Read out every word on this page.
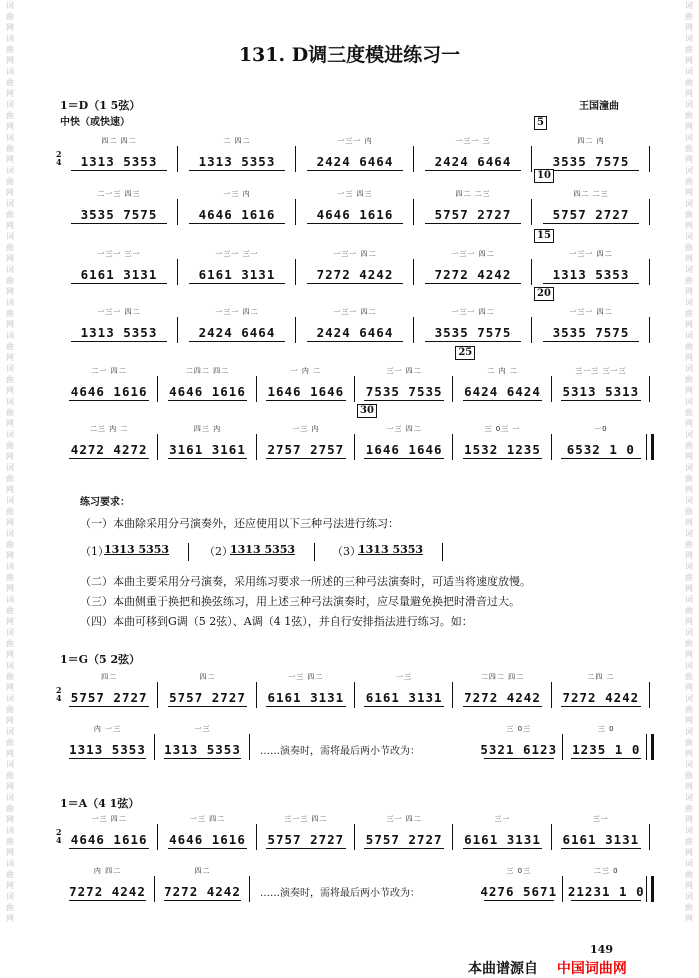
词
曲
网
词
曲
网
词
曲
网
词
曲
网
词
曲
网
词
曲
网
词
曲
网
词
曲
网
词
曲
网
词
曲
网
词
曲
网
词
曲
网
词
曲
网
词
曲
网
词
曲
网
词
曲
网
词
曲
网
词
曲
网
词
曲
网
词
曲
网
词
曲
网
词
曲
网
词
曲
网
词
曲
网
词
曲
网
词
曲
网
词
曲
网
词
曲
网
词
曲
网
词
曲
网
词
曲
网
词
曲
网
词
曲
网
词
曲
网
词
曲
网
词
曲
网
词
曲
网
词
曲
网
词
曲
网
词
曲
网
词
曲
网
词
曲
网
词
曲
网
词
曲
网
词
曲
网
词
曲
网
词
曲
网
词
曲
网
词
曲
网
词
曲
网
词
曲
网
词
曲
网
词
曲
网
词
曲
网
词
曲
网
词
曲
网
131. D调三度模进练习一
1＝D（1 5弦）	王国潼曲
中快（或快速）
2
4
四二 四二
1313 5353
二 四二
1313 5353
一三一 内
2424 6464
一三一 三
2424 6464
四二 内
3535 7575
5
二一三 四三
3535 7575
一三 内
4646 1616
一三 四三
4646 1616
四二 二三
5757 2727
四二 二三
5757 2727
10
一三一 三一
6161 3131
一三一 三一
6161 3131
一三一 四二
7272 4242
一三一 四二
7272 4242
一三一 四二
1313 5353
15
一三一 四二
1313 5353
一三一 四二
2424 6464
一三一 四二
2424 6464
一三一 四二
3535 7575
一三一 四二
3535 7575
20
二一 四二
4646 1616
二四二 四二
4646 1616
一 内 二
1646 1646
三一 四二
7535 7535
二 内 二
6424 6424
三一三 三一三
5313 5313
25
二三 内 二
4272 4272
四三 内
3161 3161
一三 内
2757 2757
一三 四二
1646 1646
三 0三 一
1532 1235
一0
6532 1 0
30
练习要求：
（一）本曲除采用分弓演奏外，还应使用以下三种弓法进行练习：
（1）
1313 5353	（2）
1313 5353	（3）
1313 5353
（二）本曲主要采用分弓演奏，采用练习要求一所述的三种弓法演奏时，可适当将速度放慢。
（三）本曲侧重于换把和换弦练习，用上述三种弓法演奏时，应尽量避免换把时滑音过大。
（四）本曲可移到G调（5 2弦）、A调（4 1弦），并自行安排指法进行练习。如：
1＝G（5 2弦）
2
4
四二
5757 2727
四二
5757 2727
一三 四二
6161 3131
一三
6161 3131
二四二 四二
7272 4242
二四 二
7272 4242
内 一三
1313 5353
一三
1313 5353	……演奏时，需将最后两小节改为：
三 0三
5321 6123
三 0
1235 1 0
1＝A（4 1弦）
2
4
一三 四二
4646 1616
一三 四二
4646 1616
三一三 四二
5757 2727
三一 四二
5757 2727
三一
6161 3131
三一
6161 3131
内 四二
7272 4242
四二
7272 4242	……演奏时，需将最后两小节改为：
三 0三
4276 5671
二三 0
21231 1 0
149
本曲谱源自 中国词曲网
